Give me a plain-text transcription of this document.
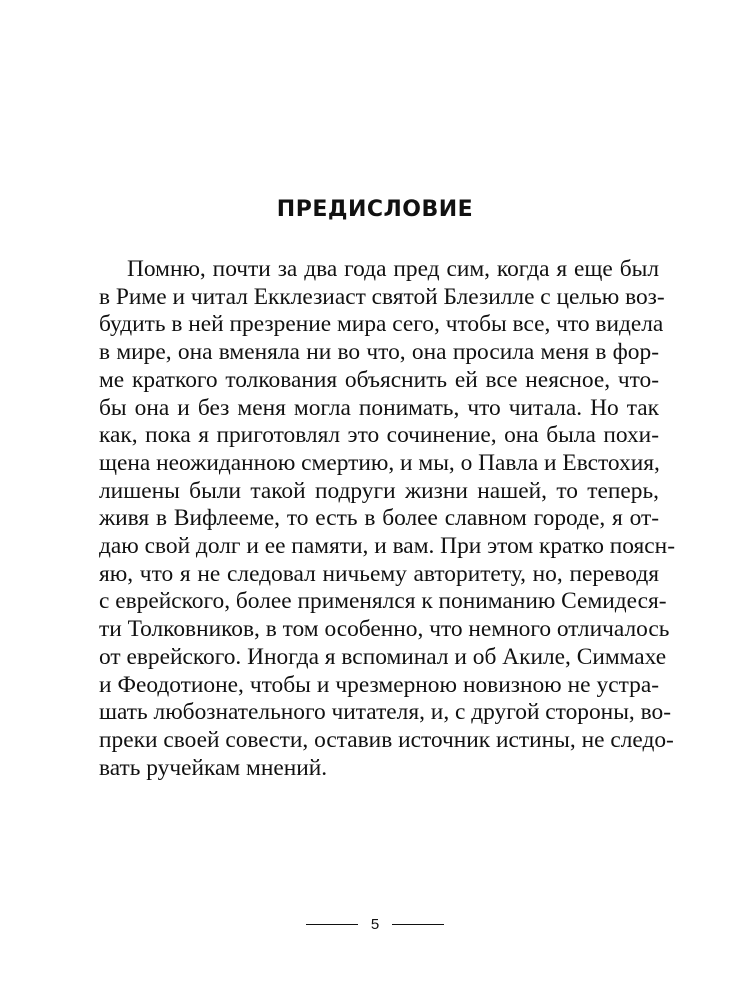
ПРЕДИСЛОВИЕ
Помню, почти за два года пред сим, когда я еще был
в Риме и читал Екклезиаст святой Блезилле с целью воз-
будить в ней презрение мира сего, чтобы все, что видела
в мире, она вменяла ни во что, она просила меня в фор-
ме краткого толкования объяснить ей все неясное, что-
бы она и без меня могла понимать, что читала. Но так
как, пока я приготовлял это сочинение, она была похи-
щена неожиданною смертию, и мы, о Павла и Евстохия,
лишены были такой подруги жизни нашей, то теперь,
живя в Вифлееме, то есть в более славном городе, я от-
даю свой долг и ее памяти, и вам. При этом кратко поясн-
яю, что я не следовал ничьему авторитету, но, переводя
с еврейского, более применялся к пониманию Семидеся-
ти Толковников, в том особенно, что немного отличалось
от еврейского. Иногда я вспоминал и об Акиле, Симмахе
и Феодотионе, чтобы и чрезмерною новизною не устра-
шать любознательного читателя, и, с другой стороны, во-
преки своей совести, оставив источник истины, не следо-
вать ручейкам мнений.
5
